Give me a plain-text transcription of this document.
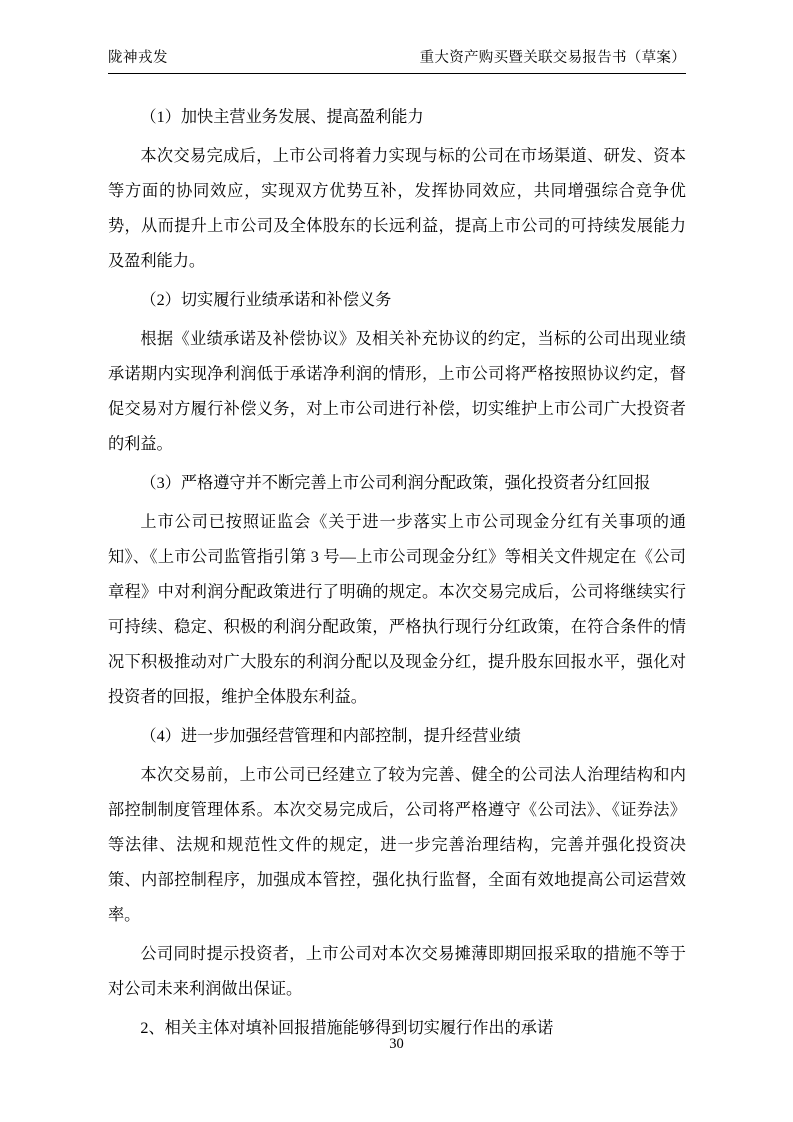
陇神戎发	重大资产购买暨关联交易报告书（草案）

（1）加快主营业务发展、提高盈利能力

本次交易完成后，上市公司将着力实现与标的公司在市场渠道、研发、资本等方面的协同效应，实现双方优势互补，发挥协同效应，共同增强综合竞争优势，从而提升上市公司及全体股东的长远利益，提高上市公司的可持续发展能力及盈利能力。

（2）切实履行业绩承诺和补偿义务

根据《业绩承诺及补偿协议》及相关补充协议的约定，当标的公司出现业绩承诺期内实现净利润低于承诺净利润的情形，上市公司将严格按照协议约定，督促交易对方履行补偿义务，对上市公司进行补偿，切实维护上市公司广大投资者的利益。

（3）严格遵守并不断完善上市公司利润分配政策，强化投资者分红回报

上市公司已按照证监会《关于进一步落实上市公司现金分红有关事项的通知》、《上市公司监管指引第 3 号—上市公司现金分红》等相关文件规定在《公司章程》中对利润分配政策进行了明确的规定。本次交易完成后，公司将继续实行可持续、稳定、积极的利润分配政策，严格执行现行分红政策，在符合条件的情况下积极推动对广大股东的利润分配以及现金分红，提升股东回报水平，强化对投资者的回报，维护全体股东利益。

（4）进一步加强经营管理和内部控制，提升经营业绩

本次交易前，上市公司已经建立了较为完善、健全的公司法人治理结构和内部控制制度管理体系。本次交易完成后，公司将严格遵守《公司法》、《证券法》等法律、法规和规范性文件的规定，进一步完善治理结构，完善并强化投资决策、内部控制程序，加强成本管控，强化执行监督，全面有效地提高公司运营效率。

公司同时提示投资者，上市公司对本次交易摊薄即期回报采取的措施不等于对公司未来利润做出保证。

2、相关主体对填补回报措施能够得到切实履行作出的承诺

30
